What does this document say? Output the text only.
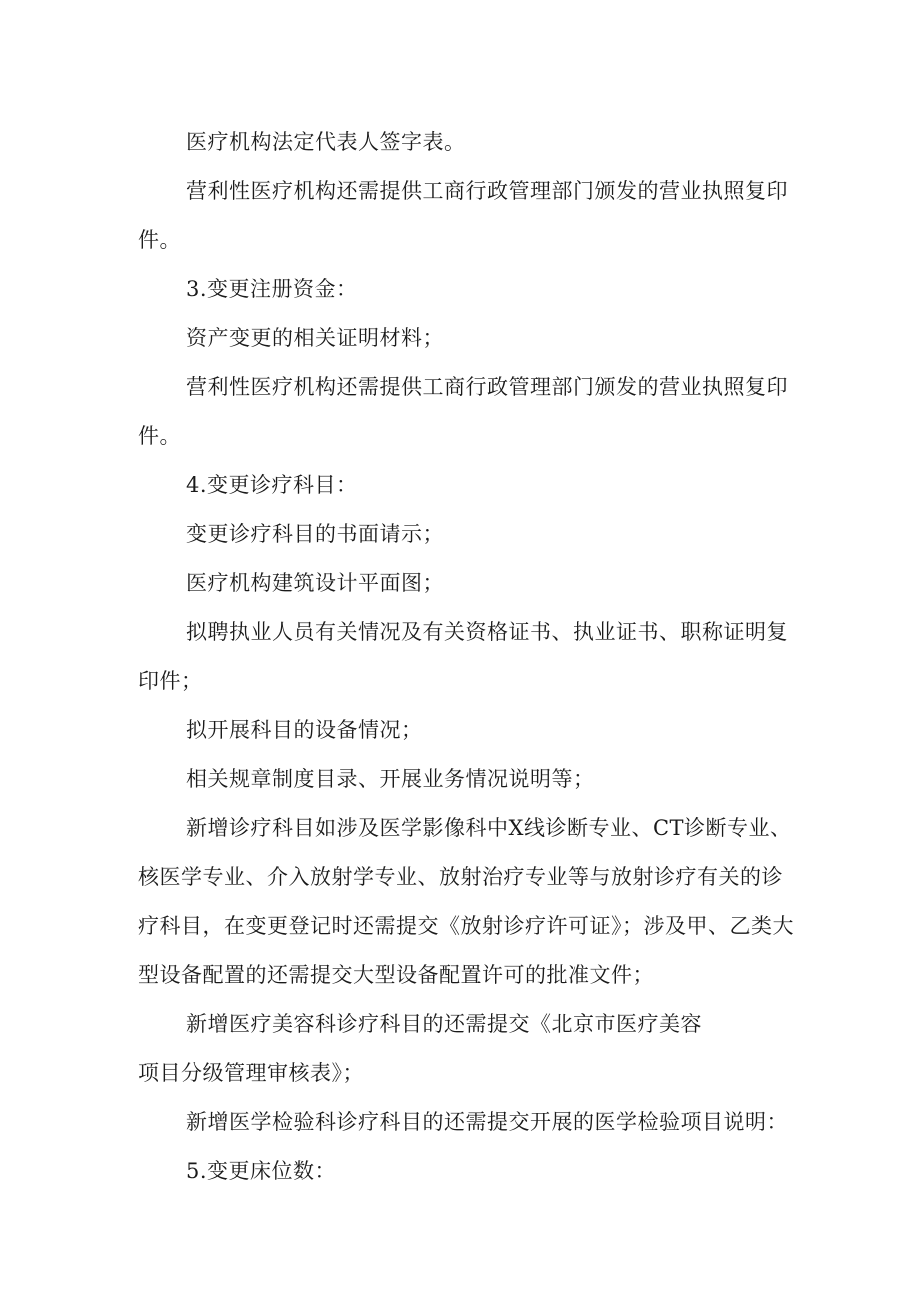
医疗机构法定代表人签字表。

营利性医疗机构还需提供工商行政管理部门颁发的营业执照复印件。

3.变更注册资金：

资产变更的相关证明材料；

营利性医疗机构还需提供工商行政管理部门颁发的营业执照复印件。

4.变更诊疗科目：

变更诊疗科目的书面请示；

医疗机构建筑设计平面图；

拟聘执业人员有关情况及有关资格证书、执业证书、职称证明复印件；

拟开展科目的设备情况；

相关规章制度目录、开展业务情况说明等；

新增诊疗科目如涉及医学影像科中X线诊断专业、CT诊断专业、核医学专业、介入放射学专业、放射治疗专业等与放射诊疗有关的诊疗科目，在变更登记时还需提交《放射诊疗许可证》；涉及甲、乙类大型设备配置的还需提交大型设备配置许可的批准文件；

新增医疗美容科诊疗科目的还需提交《北京市医疗美容

项目分级管理审核表》；

新增医学检验科诊疗科目的还需提交开展的医学检验项目说明：

5.变更床位数：
